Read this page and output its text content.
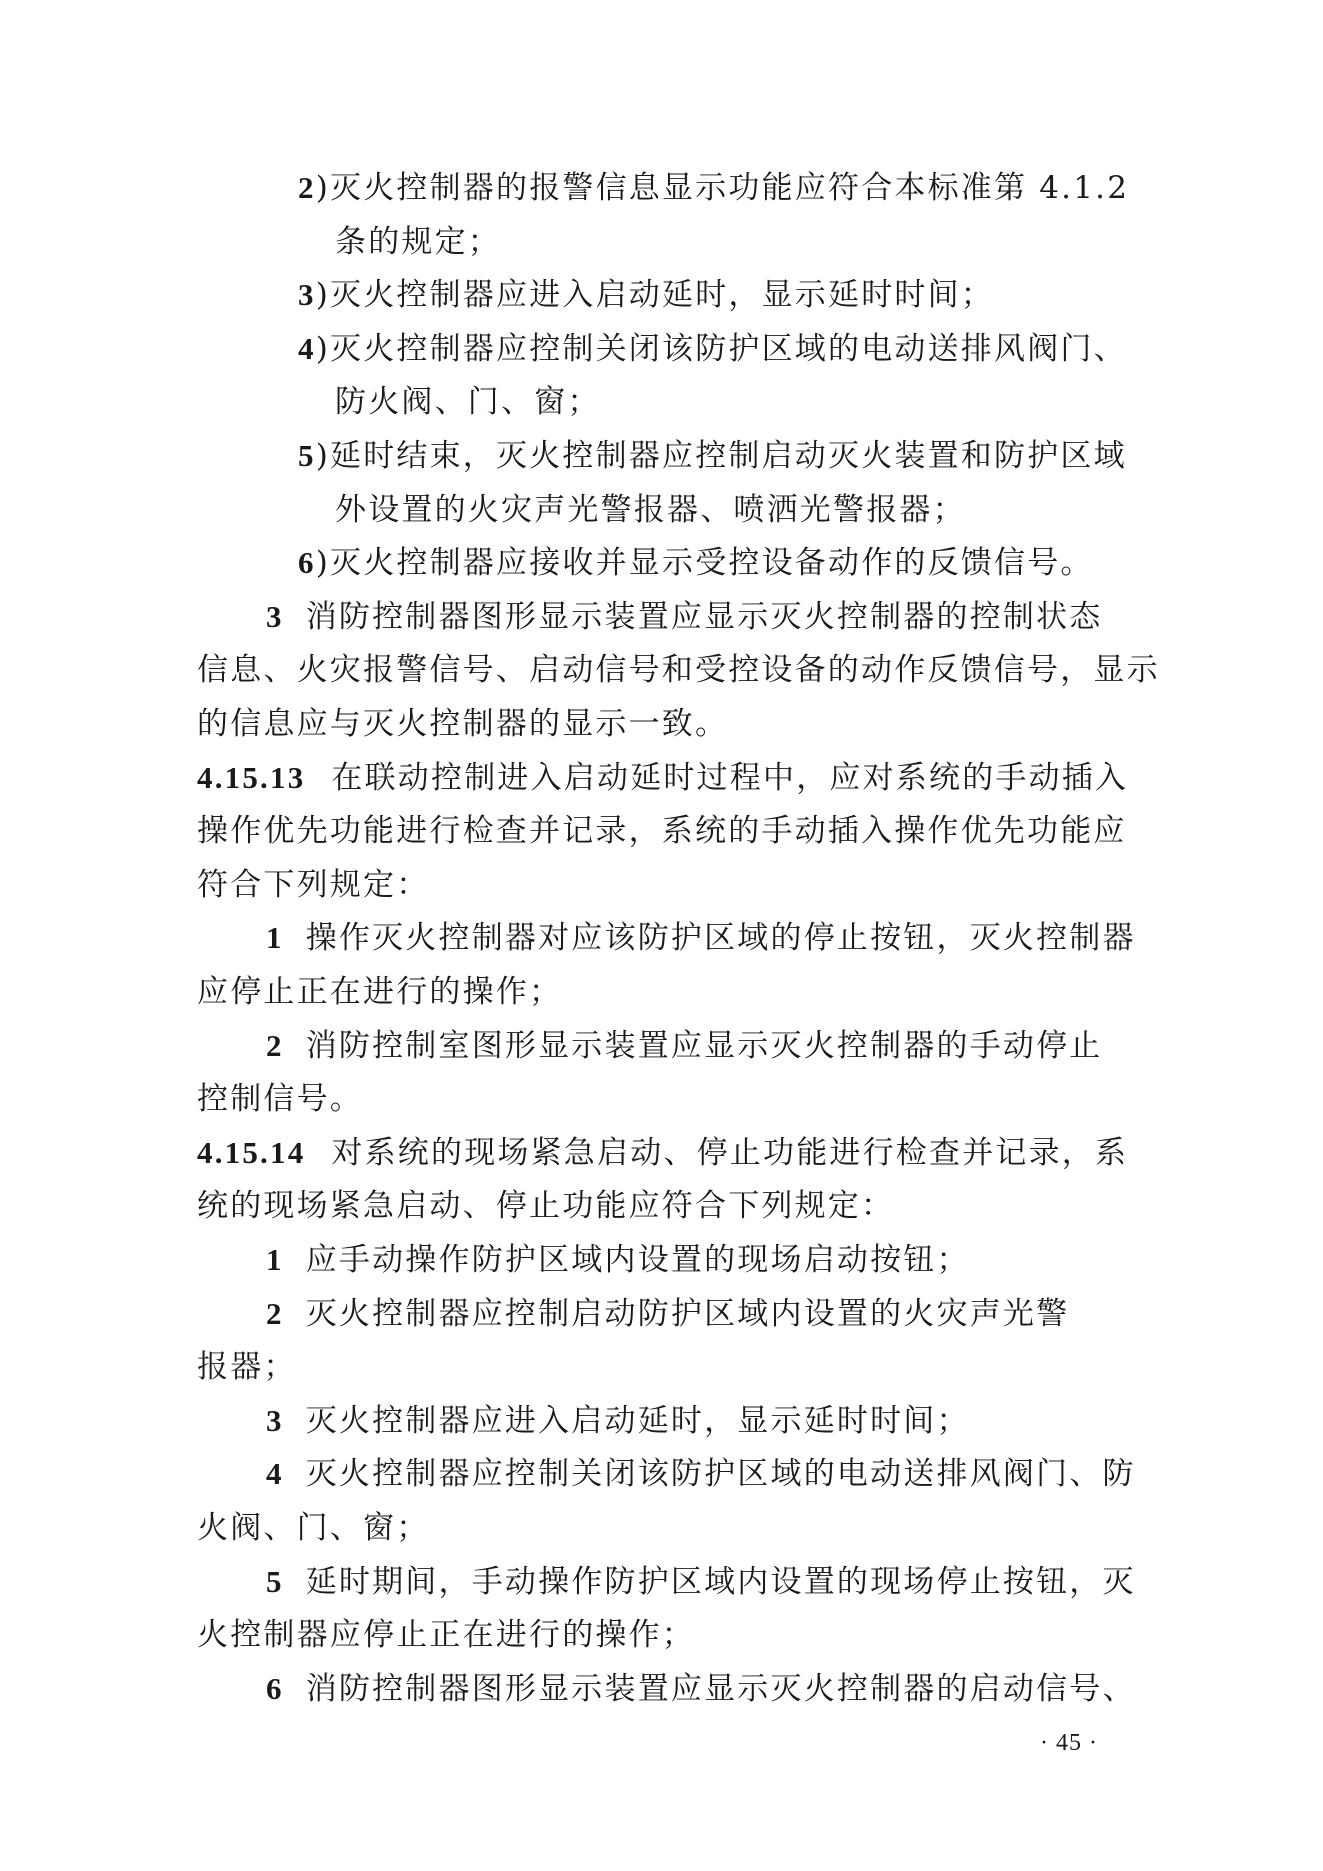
2)灭火控制器的报警信息显示功能应符合本标准第 4.1.2
条的规定；
3)灭火控制器应进入启动延时，显示延时时间；
4)灭火控制器应控制关闭该防护区域的电动送排风阀门、
防火阀、门、窗；
5)延时结束，灭火控制器应控制启动灭火装置和防护区域
外设置的火灾声光警报器、喷洒光警报器；
6)灭火控制器应接收并显示受控设备动作的反馈信号。
3 消防控制器图形显示装置应显示灭火控制器的控制状态
信息、火灾报警信号、启动信号和受控设备的动作反馈信号，显示
的信息应与灭火控制器的显示一致。
4.15.13 在联动控制进入启动延时过程中，应对系统的手动插入
操作优先功能进行检查并记录，系统的手动插入操作优先功能应
符合下列规定：
1 操作灭火控制器对应该防护区域的停止按钮，灭火控制器
应停止正在进行的操作；
2 消防控制室图形显示装置应显示灭火控制器的手动停止
控制信号。
4.15.14 对系统的现场紧急启动、停止功能进行检查并记录，系
统的现场紧急启动、停止功能应符合下列规定：
1 应手动操作防护区域内设置的现场启动按钮；
2 灭火控制器应控制启动防护区域内设置的火灾声光警
报器；
3 灭火控制器应进入启动延时，显示延时时间；
4 灭火控制器应控制关闭该防护区域的电动送排风阀门、防
火阀、门、窗；
5 延时期间，手动操作防护区域内设置的现场停止按钮，灭
火控制器应停止正在进行的操作；
6 消防控制器图形显示装置应显示灭火控制器的启动信号、
· 45 ·
